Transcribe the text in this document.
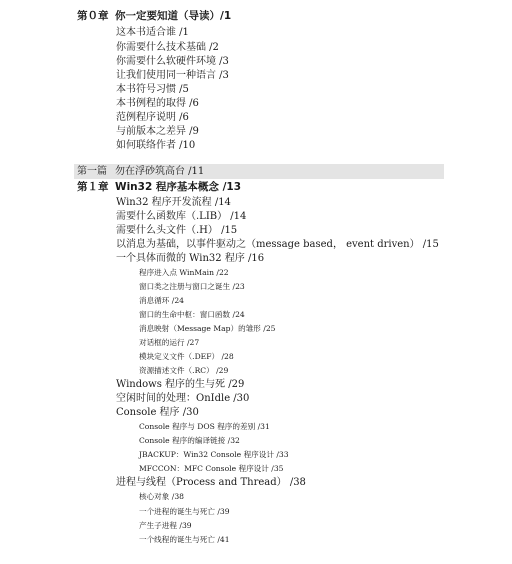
第０章 你一定要知道（导读）/1
这本书适合谁 /1
你需要什么技术基础 /2
你需要什么软硬件环境 /3
让我们使用同一种语言 /3
本书符号习惯 /5
本书例程的取得 /6
范例程序说明 /6
与前版本之差异 /9
如何联络作者 /10
第一篇 勿在浮砂筑高台 /11
第１章 Win32 程序基本概念 /13
Win32 程序开发流程 /14
需要什么函数库（.LIB） /14
需要什么头文件（.H） /15
以消息为基础，以事件驱动之（message based， event driven） /15
一个具体而微的 Win32 程序 /16
程序进入点 WinMain /22
窗口类之注册与窗口之诞生 /23
消息循环 /24
窗口的生命中枢：窗口函数 /24
消息映射（Message Map）的雏形 /25
对话框的运行 /27
模块定义文件（.DEF） /28
资源描述文件（.RC） /29
Windows 程序的生与死 /29
空闲时间的处理：OnIdle /30
Console 程序 /30
Console 程序与 DOS 程序的差别 /31
Console 程序的编译链接 /32
JBACKUP：Win32 Console 程序设计 /33
MFCCON：MFC Console 程序设计 /35
进程与线程（Process and Thread） /38
核心对象 /38
一个进程的诞生与死亡 /39
产生子进程 /39
一个线程的诞生与死亡 /41
